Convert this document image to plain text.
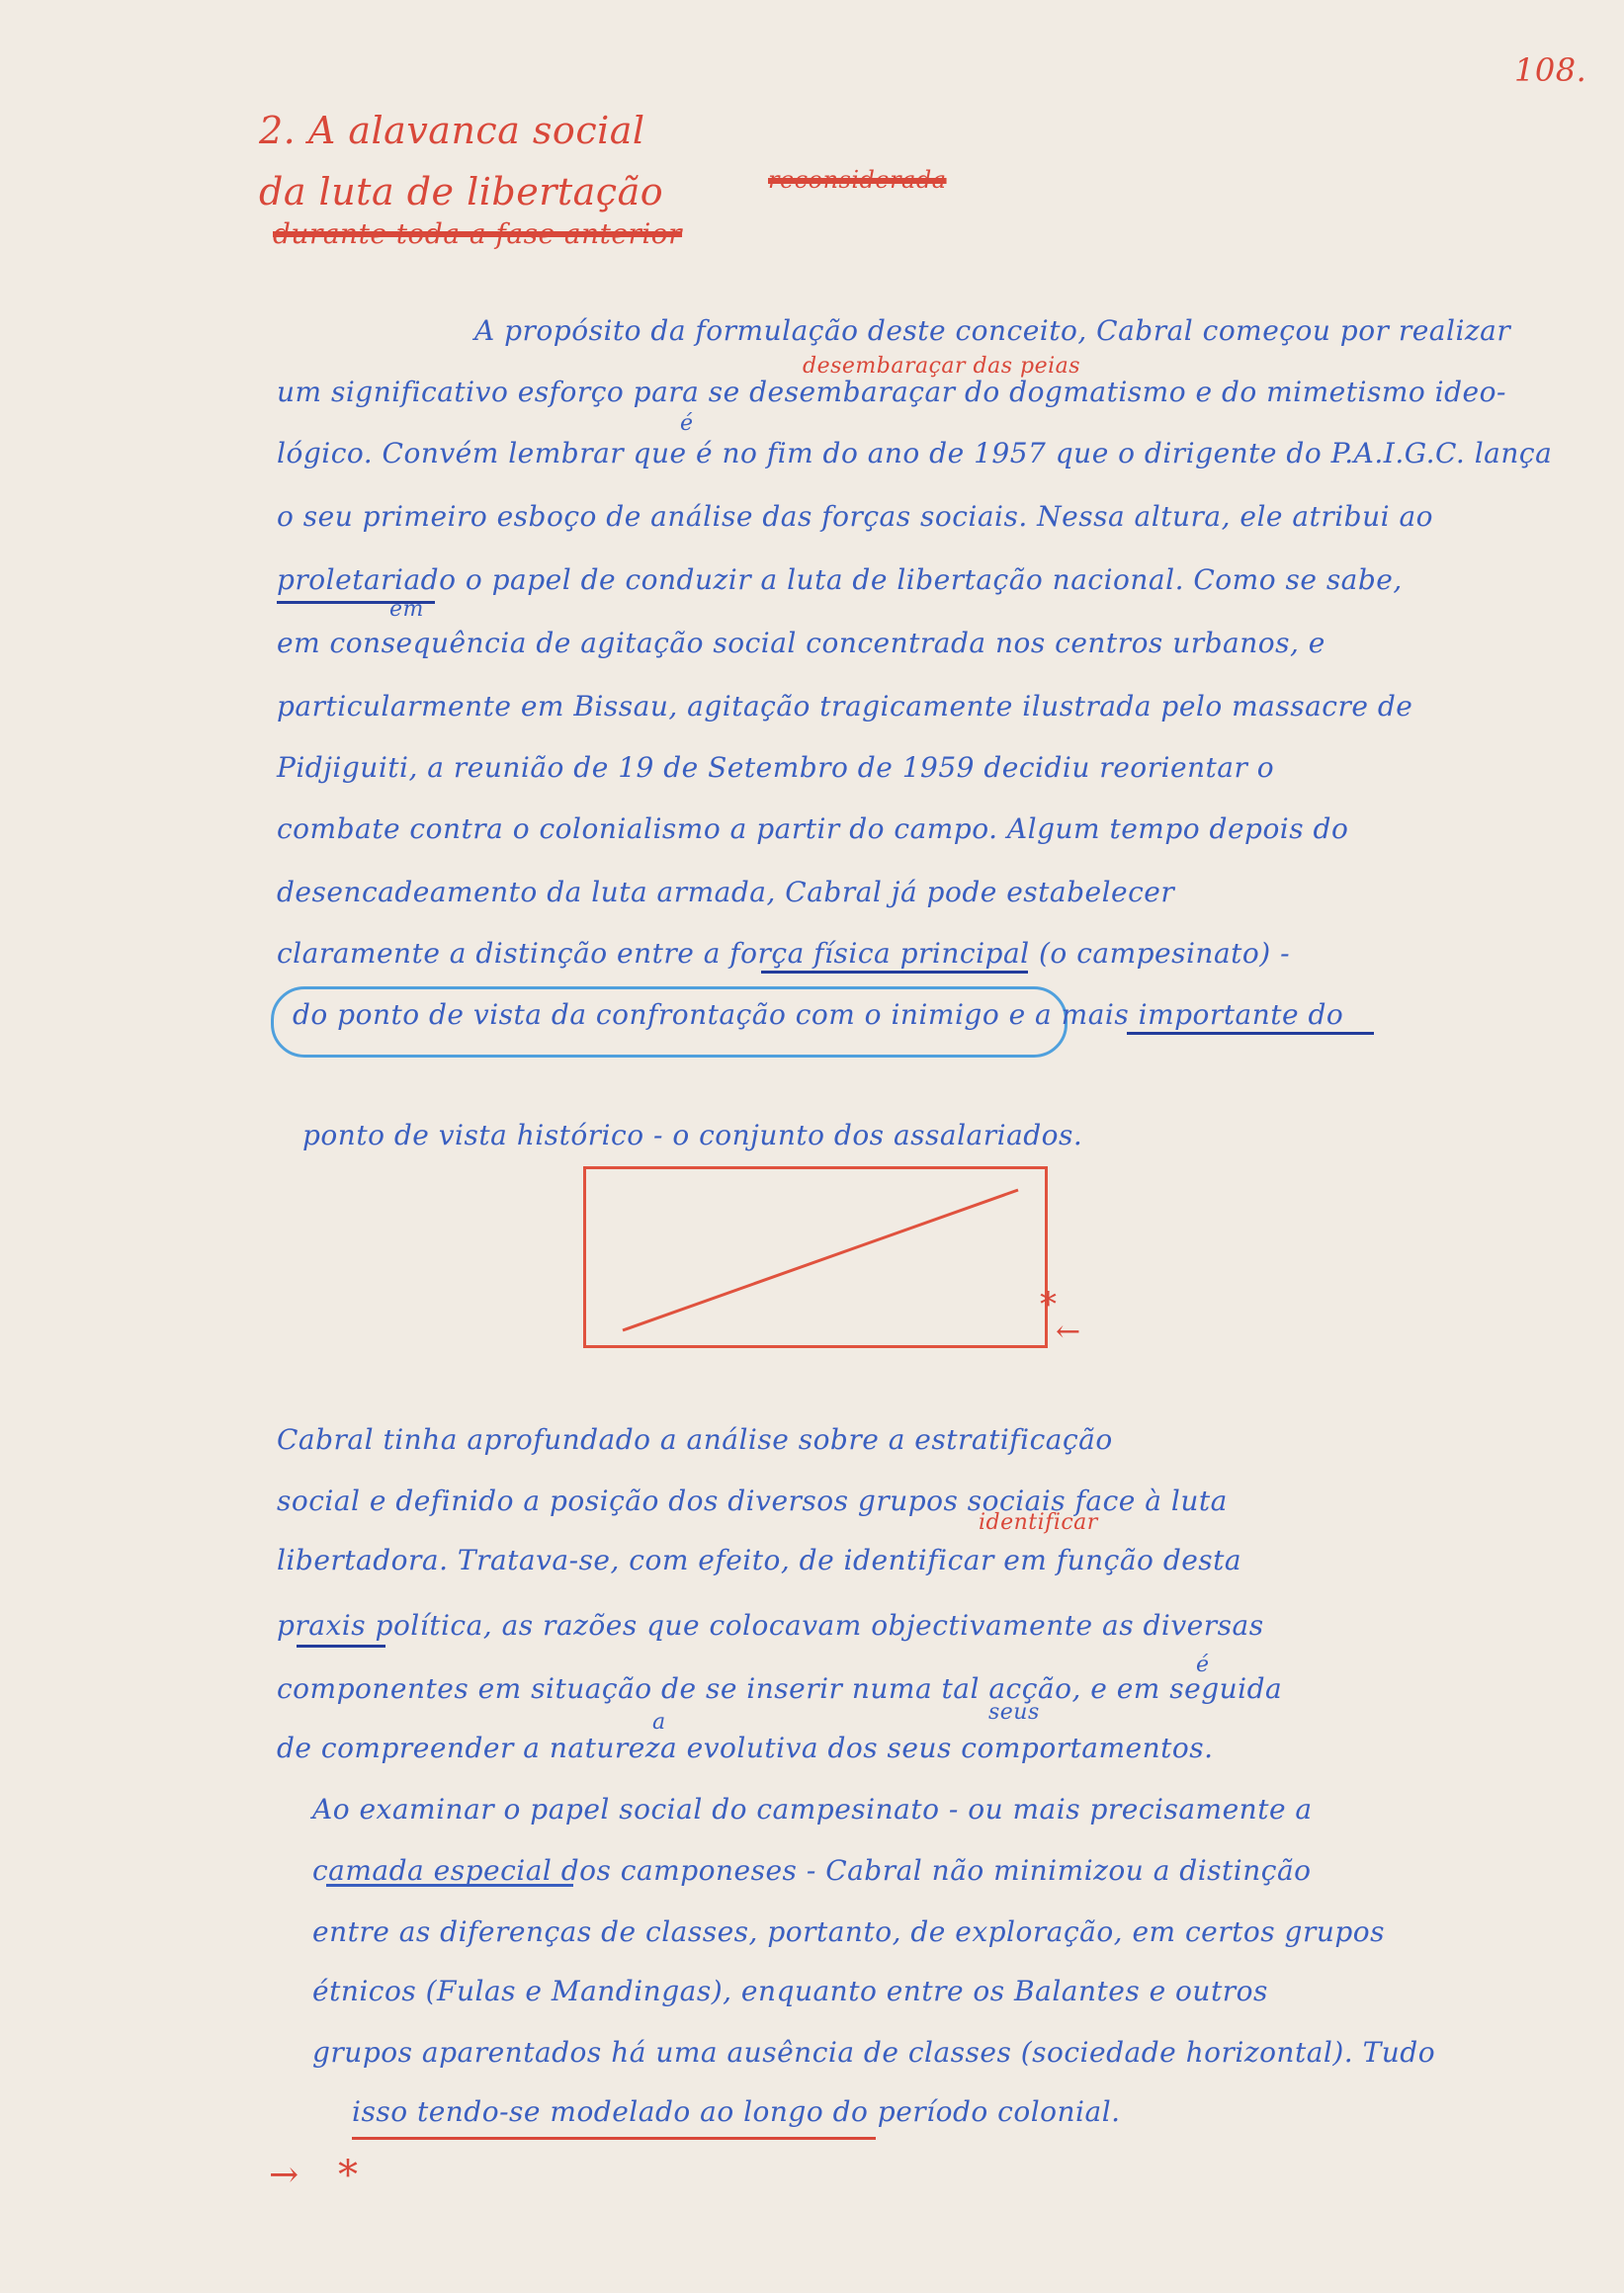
108.
2. A alavanca social
da luta de libertação	reconsiderada
durante toda a fase anterior
desembaraçar das peias
é
em
identificar
é
a	seus
A propósito da formulação deste conceito, Cabral começou por realizar
um significativo esforço para se desembaraçar do dogmatismo e do mimetismo ideo-
lógico. Convém lembrar que é no fim do ano de 1957 que o dirigente do P.A.I.G.C. lança
o seu primeiro esboço de análise das forças sociais. Nessa altura, ele atribui ao
proletariado o papel de conduzir a luta de libertação nacional. Como se sabe,
em consequência de agitação social concentrada nos centros urbanos, e
particularmente em Bissau, agitação tragicamente ilustrada pelo massacre de
Pidjiguiti, a reunião de 19 de Setembro de 1959 decidiu reorientar o
combate contra o colonialismo a partir do campo. Algum tempo depois do
desencadeamento da luta armada, Cabral já pode estabelecer
claramente a distinção entre a força física principal (o campesinato) -
do ponto de vista da confrontação com o inimigo e a mais importante do
ponto de vista histórico - o conjunto dos assalariados.
*
←
Cabral tinha aprofundado a análise sobre a estratificação
social e definido a posição dos diversos grupos sociais face à luta
libertadora. Tratava-se, com efeito, de identificar em função desta
praxis política, as razões que colocavam objectivamente as diversas
componentes em situação de se inserir numa tal acção, e em seguida
de compreender a natureza evolutiva dos seus comportamentos.
Ao examinar o papel social do campesinato - ou mais precisamente a
camada especial dos camponeses - Cabral não minimizou a distinção
entre as diferenças de classes, portanto, de exploração, em certos grupos
étnicos (Fulas e Mandingas), enquanto entre os Balantes e outros
grupos aparentados há uma ausência de classes (sociedade horizontal). Tudo
isso tendo-se modelado ao longo do período colonial.
→ *
